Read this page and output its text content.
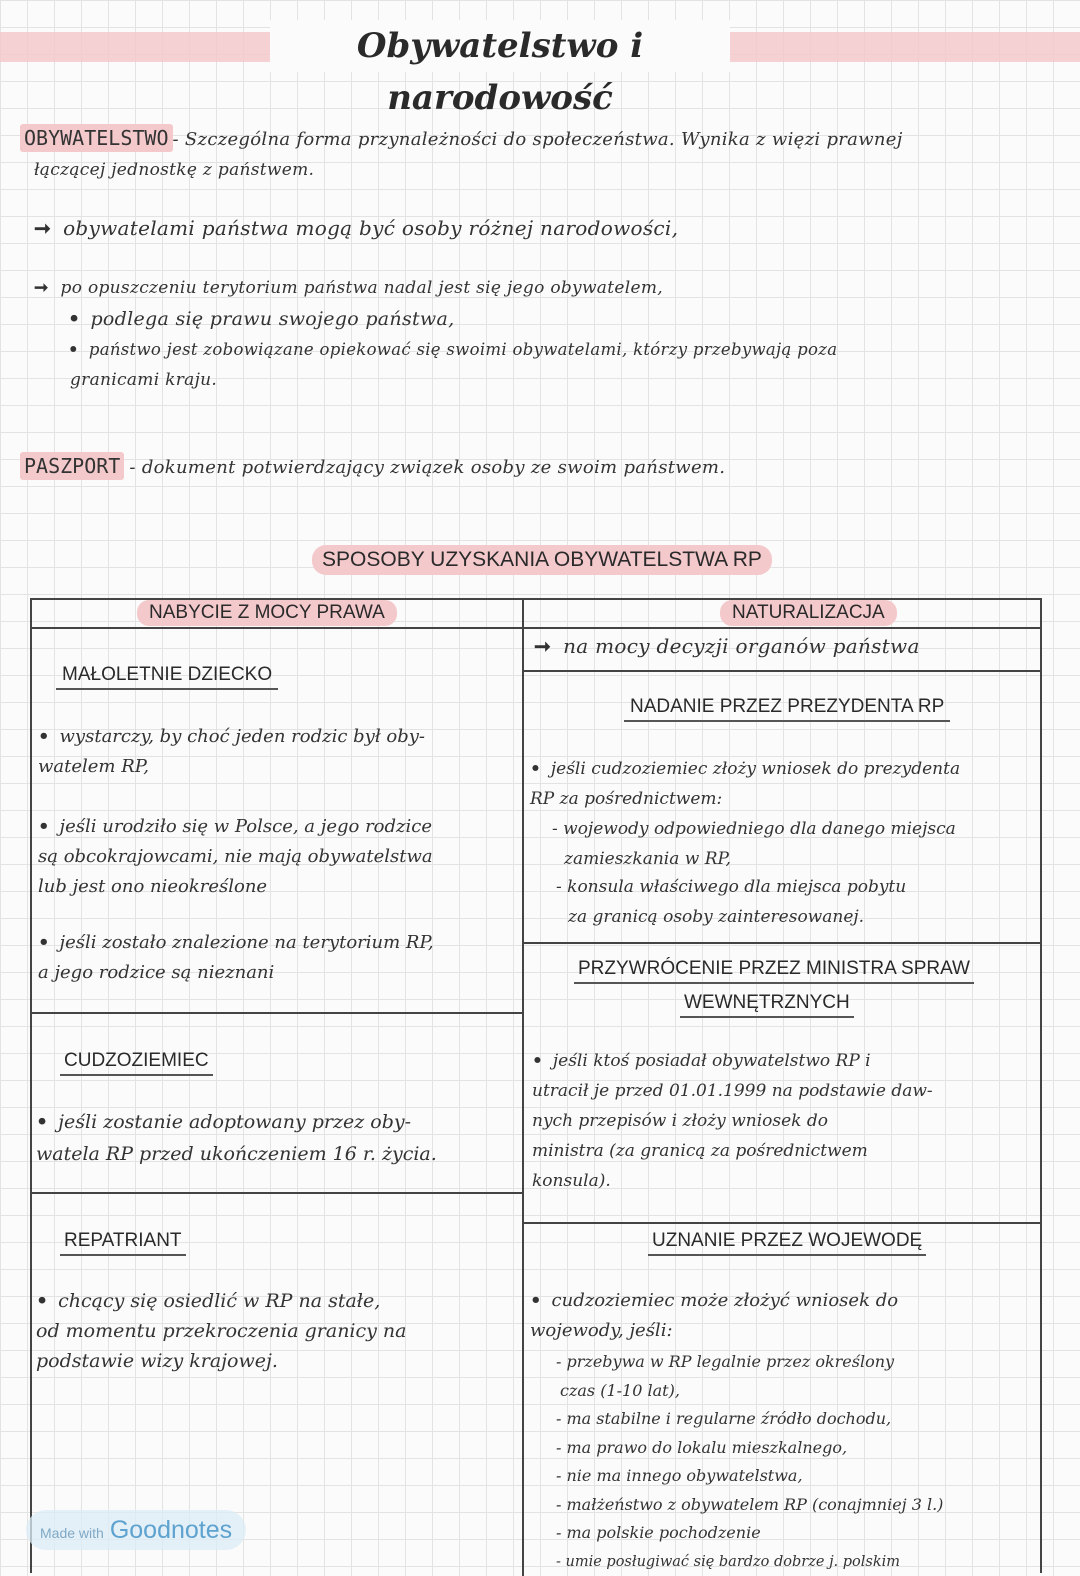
Obywatelstwo i narodowość
OBYWATELSTWO - Szczególna forma przynależności do społeczeństwa. Wynika z więzi prawnej
łączącej jednostkę z państwem.
➞ obywatelami państwa mogą być osoby różnej narodowości,
➞ po opuszczeniu terytorium państwa nadal jest się jego obywatelem,
• podlega się prawu swojego państwa,
• państwo jest zobowiązane opiekować się swoimi obywatelami, którzy przebywają poza
granicami kraju.
PASZPORT - dokument potwierdzający związek osoby ze swoim państwem.
SPOSOBY UZYSKANIA OBYWATELSTWA RP
NABYCIE Z MOCY PRAWA	NATURALIZACJA
➞ na mocy decyzji organów państwa
MAŁOLETNIE DZIECKO
• wystarczy, by choć jeden rodzic był oby-
watelem RP,
• jeśli urodziło się w Polsce, a jego rodzice
są obcokrajowcami, nie mają obywatelstwa
lub jest ono nieokreślone
• jeśli zostało znalezione na terytorium RP,
a jego rodzice są nieznani
CUDZOZIEMIEC
• jeśli zostanie adoptowany przez oby-
watela RP przed ukończeniem 16 r. życia.
REPATRIANT
• chcący się osiedlić w RP na stałe,
od momentu przekroczenia granicy na
podstawie wizy krajowej.
NADANIE PRZEZ PREZYDENTA RP
• jeśli cudzoziemiec złoży wniosek do prezydenta
RP za pośrednictwem:
- wojewody odpowiedniego dla danego miejsca
zamieszkania w RP,
- konsula właściwego dla miejsca pobytu
za granicą osoby zainteresowanej.
PRZYWRÓCENIE PRZEZ MINISTRA SPRAW
WEWNĘTRZNYCH
• jeśli ktoś posiadał obywatelstwo RP i
utracił je przed 01.01.1999 na podstawie daw-
nych przepisów i złoży wniosek do
ministra (za granicą za pośrednictwem
konsula).
UZNANIE PRZEZ WOJEWODĘ
• cudzoziemiec może złożyć wniosek do
wojewody, jeśli:
- przebywa w RP legalnie przez określony
czas (1-10 lat),
- ma stabilne i regularne źródło dochodu,
- ma prawo do lokalu mieszkalnego,
- nie ma innego obywatelstwa,
- małżeństwo z obywatelem RP (conajmniej 3 l.)
- ma polskie pochodzenie
- umie posługiwać się bardzo dobrze j. polskim
Made with Goodnotes
